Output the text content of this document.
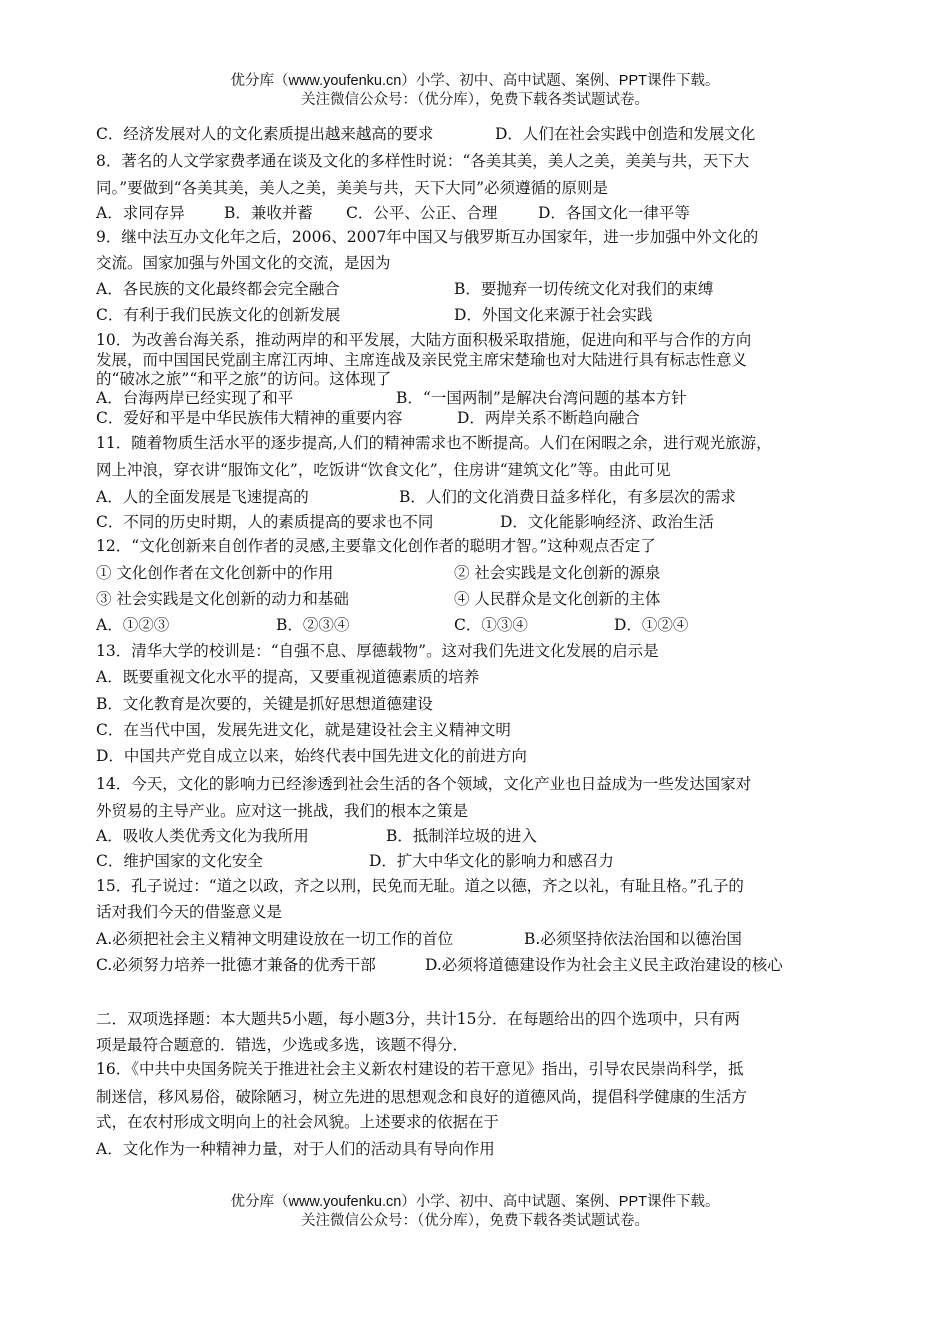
优分库（www.youfenku.cn）小学、初中、高中试题、案例、PPT课件下载。
关注微信公众号：（优分库），免费下载各类试题试卷。
C．经济发展对人的文化素质提出越来越高的要求	D．人们在社会实践中创造和发展文化
8．著名的人文学家费孝通在谈及文化的多样性时说：“各美其美，美人之美，美美与共，天下大
同。”要做到“各美其美，美人之美，美美与共，天下大同”必须遵循的原则是
A．求同存异	B．兼收并蓄 C．公平、公正、合理	D．各国文化一律平等
9．继中法互办文化年之后，2006、2007年中国又与俄罗斯互办国家年，进一步加强中外文化的
交流。国家加强与外国文化的交流，是因为
A．各民族的文化最终都会完全融合	B．要抛弃一切传统文化对我们的束缚
C．有利于我们民族文化的创新发展	D．外国文化来源于社会实践
10．为改善台海关系，推动两岸的和平发展，大陆方面积极采取措施，促进向和平与合作的方向
发展，而中国国民党副主席江丙坤、主席连战及亲民党主席宋楚瑜也对大陆进行具有标志性意义
的“破冰之旅”“和平之旅”的访问。这体现了
A．台海两岸已经实现了和平	B．“一国两制”是解决台湾问题的基本方针
C．爱好和平是中华民族伟大精神的重要内容	D．两岸关系不断趋向融合
11．随着物质生活水平的逐步提高,人们的精神需求也不断提高。人们在闲暇之余，进行观光旅游，
网上冲浪，穿衣讲“服饰文化”，吃饭讲“饮食文化”，住房讲“建筑文化”等。由此可见
A．人的全面发展是飞速提高的	B．人们的文化消费日益多样化，有多层次的需求
C．不同的历史时期，人的素质提高的要求也不同	D．文化能影响经济、政治生活
12．“文化创新来自创作者的灵感,主要靠文化创作者的聪明才智。”这种观点否定了
① 文化创作者在文化创新中的作用	② 社会实践是文化创新的源泉
③ 社会实践是文化创新的动力和基础	④ 人民群众是文化创新的主体
A．①②③	B．②③④	C．①③④	D．①②④
13．清华大学的校训是：“自强不息、厚德载物”。这对我们先进文化发展的启示是
A．既要重视文化水平的提高，又要重视道德素质的培养
B．文化教育是次要的，关键是抓好思想道德建设
C．在当代中国，发展先进文化，就是建设社会主义精神文明
D．中国共产党自成立以来，始终代表中国先进文化的前进方向
14．今天，文化的影响力已经渗透到社会生活的各个领域，文化产业也日益成为一些发达国家对
外贸易的主导产业。应对这一挑战，我们的根本之策是
A．吸收人类优秀文化为我所用	B．抵制洋垃圾的进入
C．维护国家的文化安全	D．扩大中华文化的影响力和感召力
15．孔子说过：“道之以政，齐之以刑，民免而无耻。道之以德，齐之以礼，有耻且格。”孔子的
话对我们今天的借鉴意义是
A.必须把社会主义精神文明建设放在一切工作的首位	B.必须坚持依法治国和以德治国
C.必须努力培养一批德才兼备的优秀干部	D.必须将道德建设作为社会主义民主政治建设的核心
二．双项选择题：本大题共5小题，每小题3分，共计15分．在每题给出的四个选项中，只有两
项是最符合题意的．错选，少选或多选，该题不得分．
16．《中共中央国务院关于推进社会主义新农村建设的若干意见》指出，引导农民崇尚科学，抵
制迷信，移风易俗，破除陋习，树立先进的思想观念和良好的道德风尚，提倡科学健康的生活方
式，在农村形成文明向上的社会风貌。上述要求的依据在于
A．文化作为一种精神力量，对于人们的活动具有导向作用
优分库（www.youfenku.cn）小学、初中、高中试题、案例、PPT课件下载。
关注微信公众号：（优分库），免费下载各类试题试卷。
